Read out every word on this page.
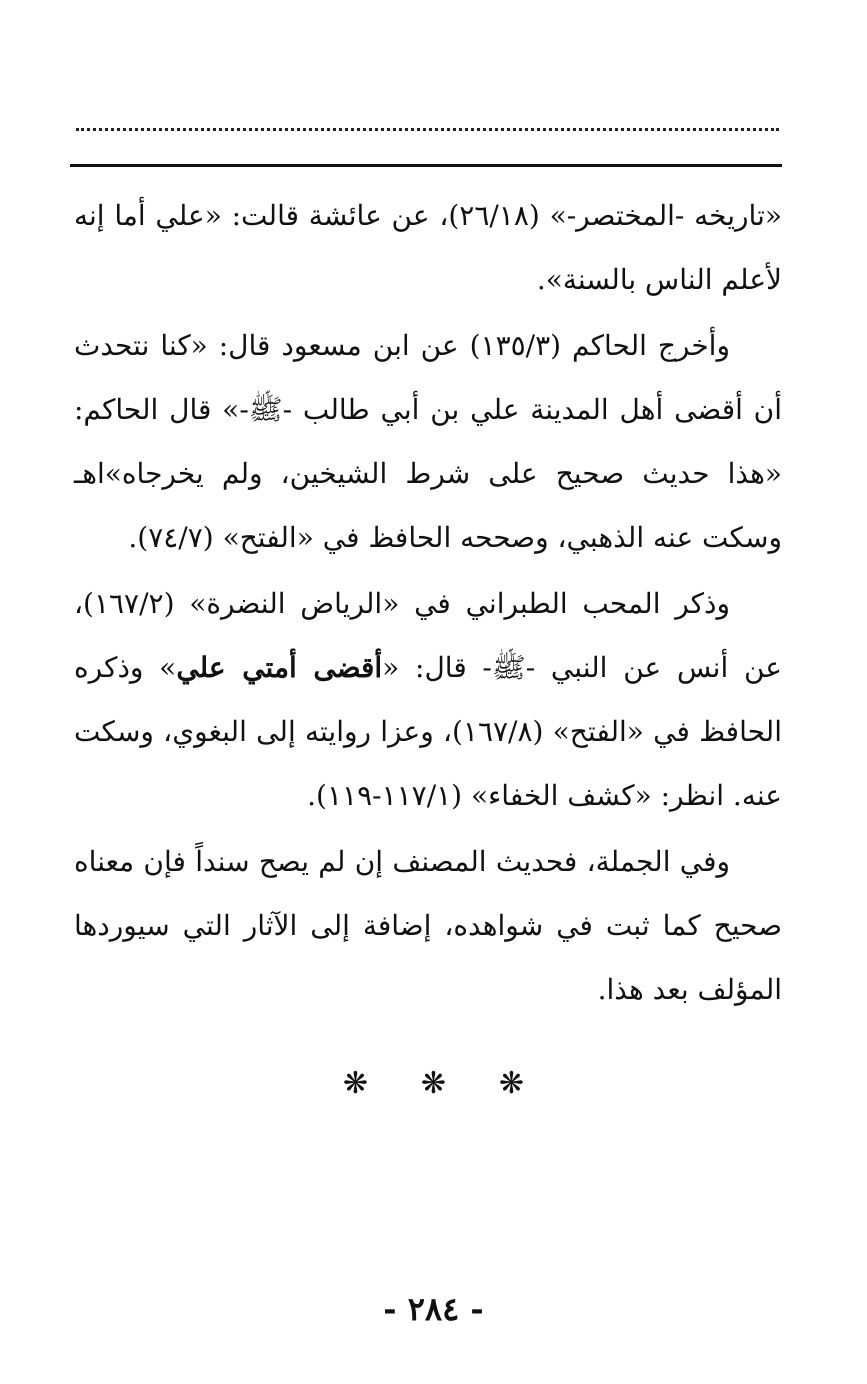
«تاريخه -المختصر-» (٢٦/١٨)، عن عائشة قالت: «علي أما إنه لأعلم الناس بالسنة».

وأخرج الحاكم (١٣٥/٣) عن ابن مسعود قال: «كنا نتحدث أن أقضى أهل المدينة علي بن أبي طالب -ﷺ-» قال الحاكم: «هذا حديث صحيح على شرط الشيخين، ولم يخرجاه»اهـ وسكت عنه الذهبي، وصححه الحافظ في «الفتح» (٧٤/٧).

وذكر المحب الطبراني في «الرياض النضرة» (١٦٧/٢)، عن أنس عن النبي -ﷺ- قال: «أقضى أمتي علي» وذكره الحافظ في «الفتح» (١٦٧/٨)، وعزا روايته إلى البغوي، وسكت عنه. انظر: «كشف الخفاء» (١١٧/١-١١٩).

وفي الجملة، فحديث المصنف إن لم يصح سنداً فإن معناه صحيح كما ثبت في شواهده، إضافة إلى الآثار التي سيوردها المؤلف بعد هذا.

❋ ❋ ❋
- ٢٨٤ -
